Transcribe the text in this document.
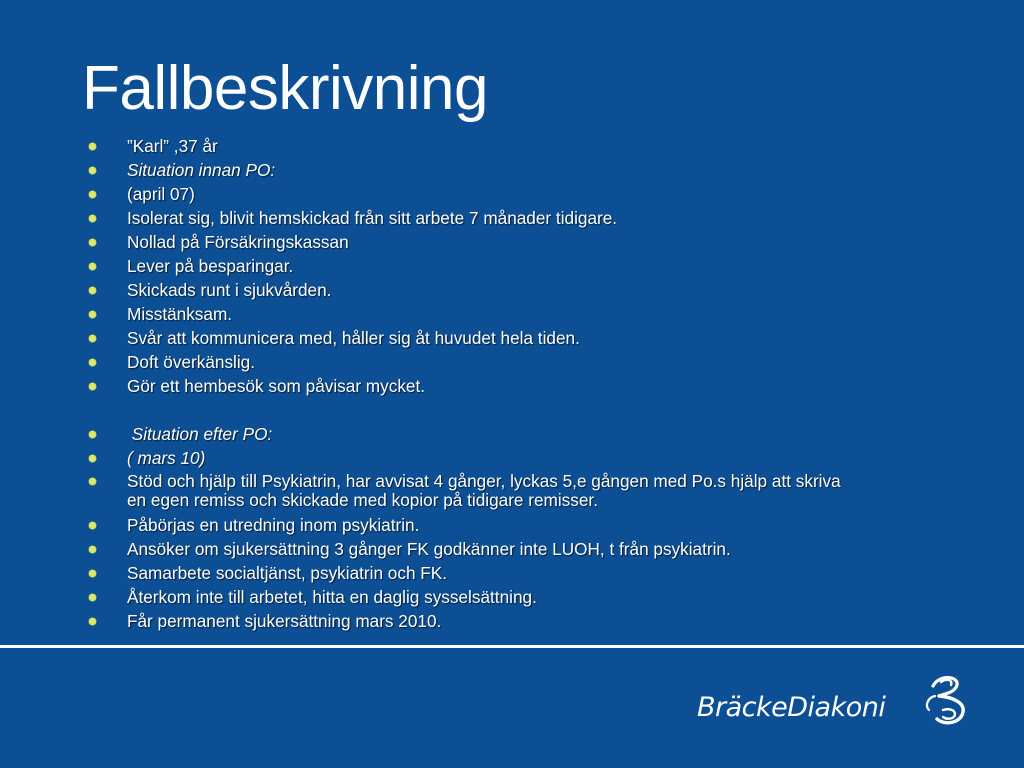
Fallbeskrivning
”Karl” ,37 år
Situation innan PO:
(april 07)
Isolerat sig, blivit hemskickad från sitt arbete 7 månader tidigare.
Nollad på Försäkringskassan
Lever på besparingar.
Skickads runt i sjukvården.
Misstänksam.
Svår att kommunicera med, håller sig åt huvudet hela tiden.
Doft överkänslig.
Gör ett hembesök som påvisar mycket.
Situation efter PO:
( mars 10)
Stöd och hjälp till Psykiatrin, har avvisat 4 gånger, lyckas 5,e gången med Po.s hjälp att skriva en egen remiss och skickade med kopior på tidigare remisser.
Påbörjas en utredning inom psykiatrin.
Ansöker om sjukersättning 3 gånger FK godkänner inte LUOH, t från psykiatrin.
Samarbete socialtjänst, psykiatrin och FK.
Återkom inte till arbetet, hitta en daglig sysselsättning.
Får permanent sjukersättning mars 2010.
BräckeDiakoni
